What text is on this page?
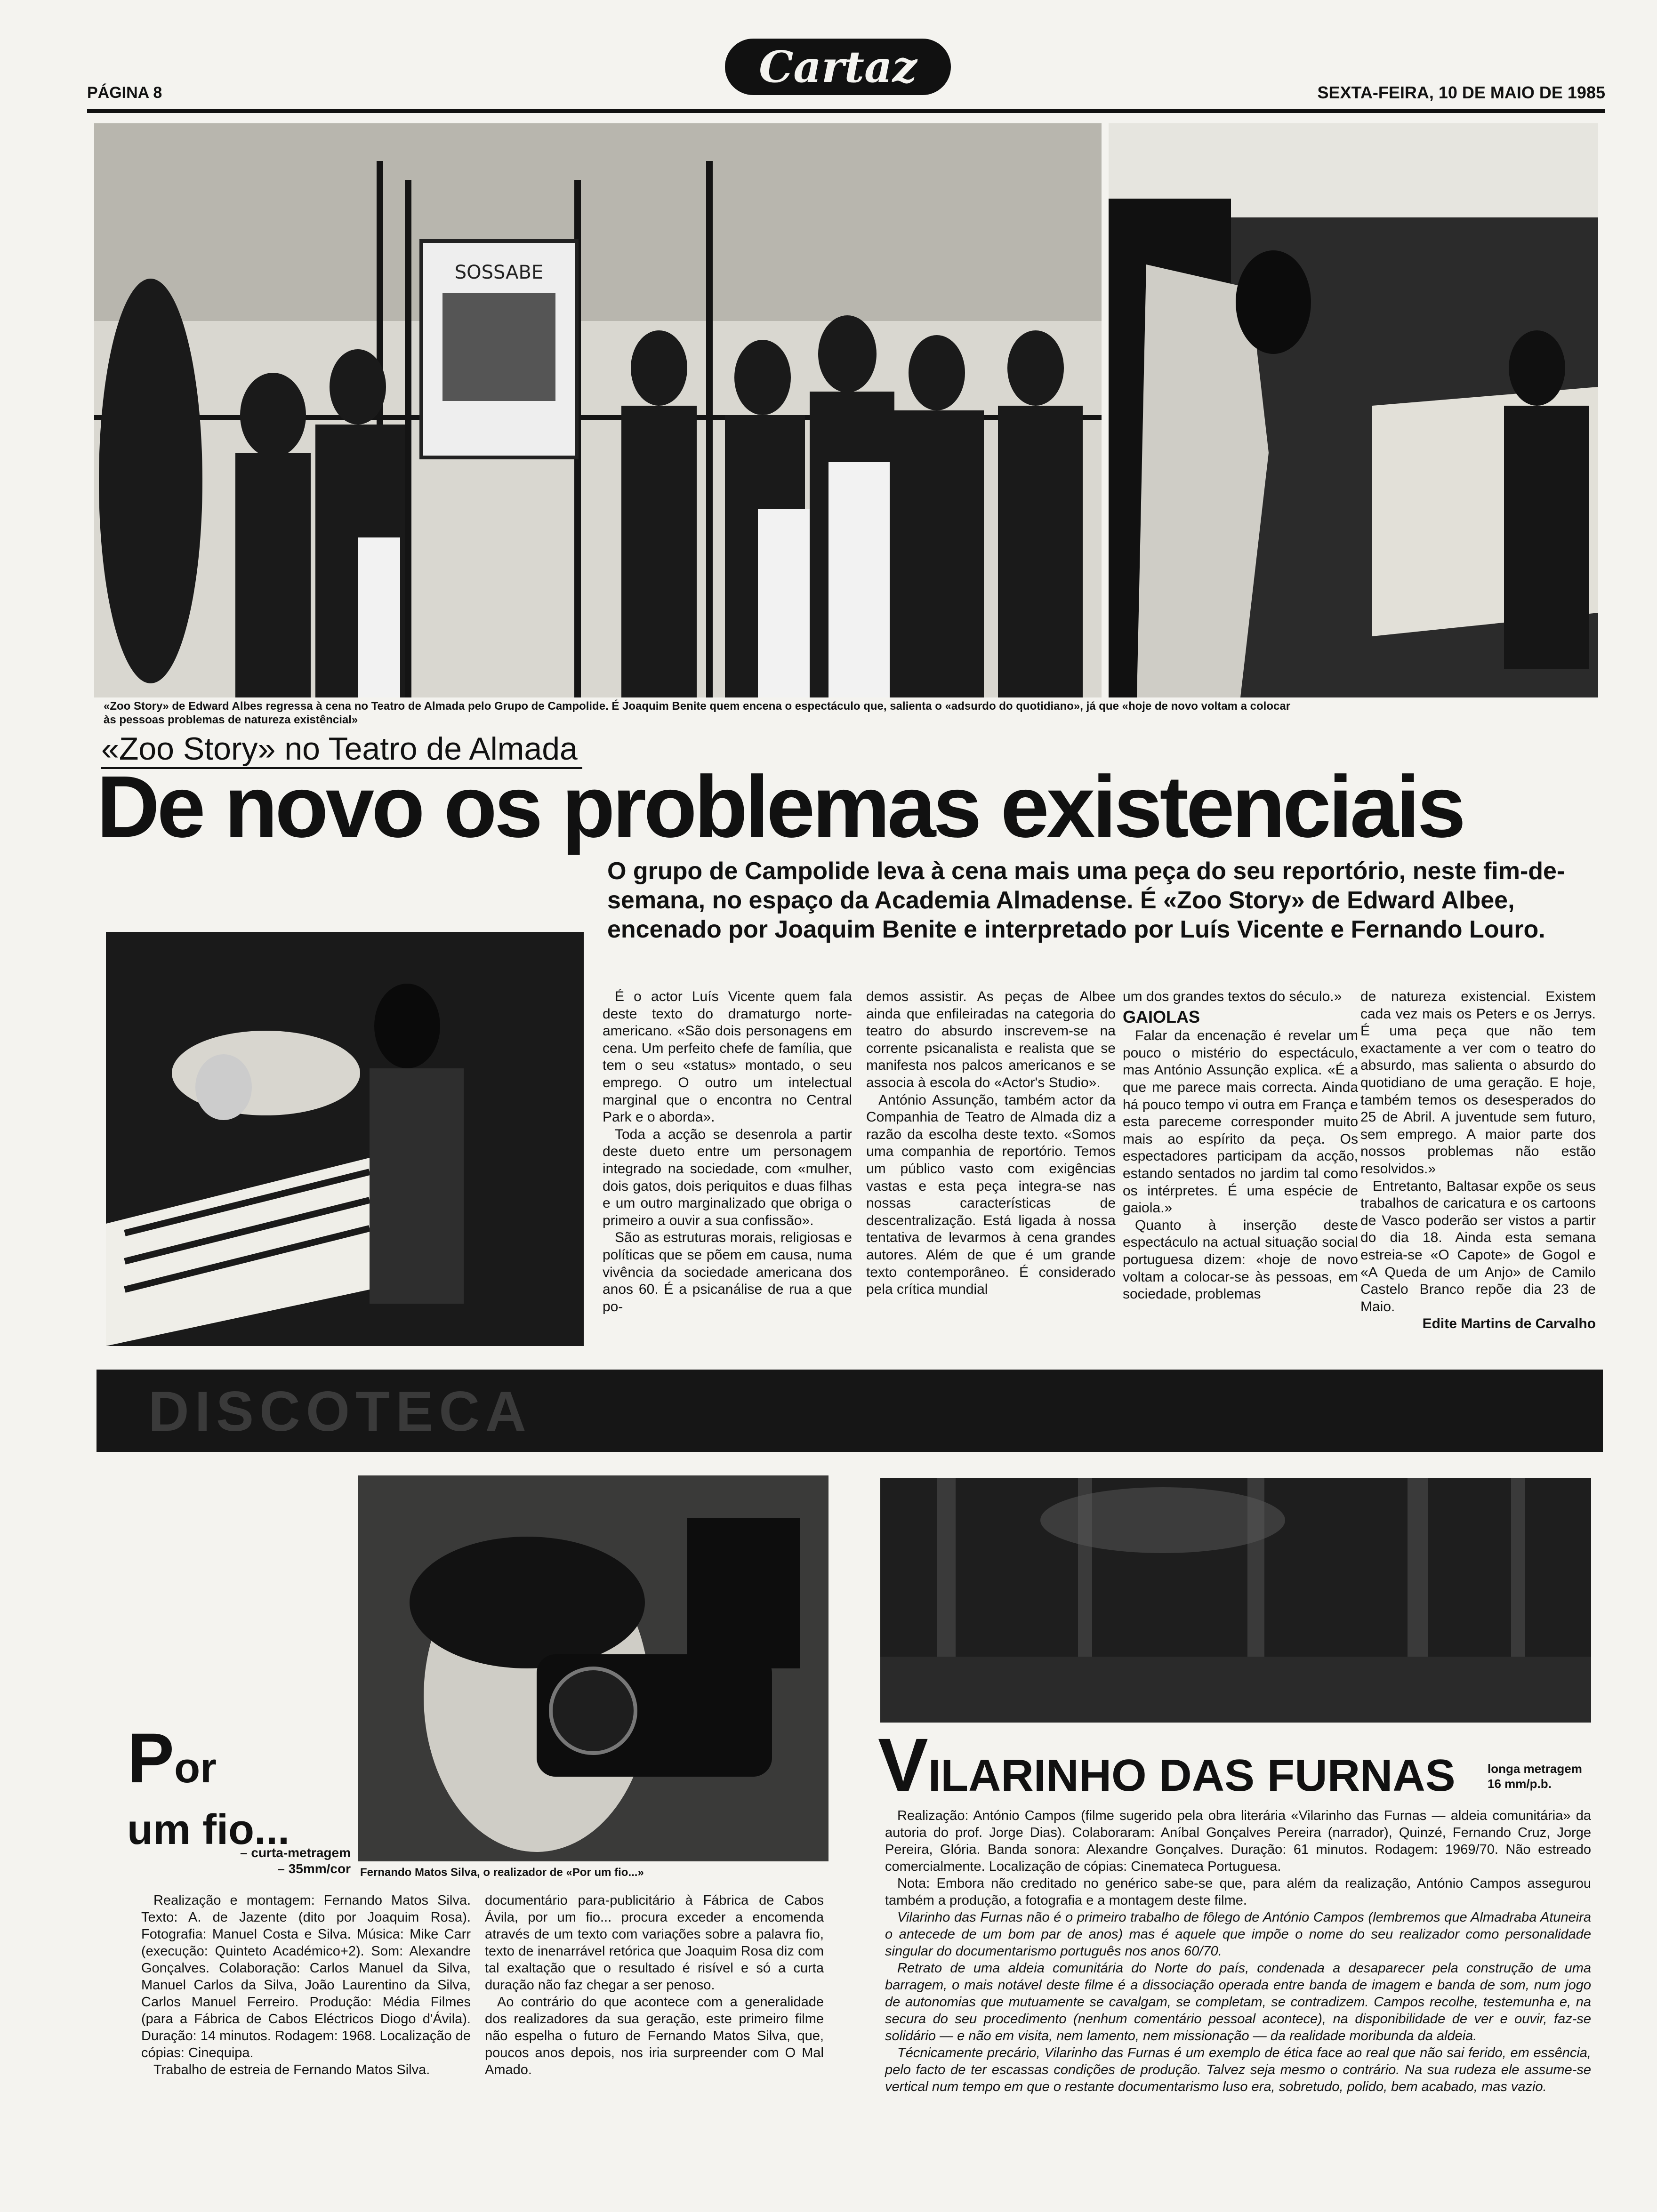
PÁGINA 8
Cartaz
SEXTA-FEIRA, 10 DE MAIO DE 1985
SOSSABE
«Zoo Story» de Edward Albes regressa à cena no Teatro de Almada pelo Grupo de Campolide. É Joaquim Benite quem encena o espectáculo que, salienta o «adsurdo do quotidiano», já que «hoje de novo voltam a colocar
às pessoas problemas de natureza existêncial»
«Zoo Story» no Teatro de Almada
De novo os problemas existenciais
O grupo de Campolide leva à cena mais uma peça do seu reportório, neste fim-de-semana, no espaço da Academia Almadense. É «Zoo Story» de Edward Albee, encenado por Joaquim Benite e interpretado por Luís Vicente e Fernando Louro.

É o actor Luís Vicente quem fala deste texto do dramaturgo norte-americano. «São dois personagens em cena. Um perfeito chefe de família, que tem o seu «status» montado, o seu emprego. O outro um intelectual marginal que o encontra no Central Park e o aborda».

Toda a acção se desenrola a partir deste dueto entre um personagem integrado na sociedade, com «mulher, dois gatos, dois periquitos e duas filhas e um outro marginalizado que obriga o primeiro a ouvir a sua confissão».

São as estruturas morais, religiosas e políticas que se põem em causa, numa vivência da sociedade americana dos anos 60. É a psicanálise de rua a que po-

demos assistir. As peças de Albee ainda que enfileiradas na categoria do teatro do absurdo inscrevem-se na corrente psicanalista e realista que se manifesta nos palcos americanos e se associa à escola do «Actor's Studio».

António Assunção, também actor da Companhia de Teatro de Almada diz a razão da escolha deste texto. «Somos uma companhia de reportório. Temos um público vasto com exigências vastas e esta peça integra-se nas nossas características de descentralização. Está ligada à nossa tentativa de levarmos à cena grandes autores. Além de que é um grande texto contemporâneo. É considerado pela crítica mundial

um dos grandes textos do século.»

GAIOLAS

Falar da encenação é revelar um pouco o mistério do espectáculo, mas António Assunção explica. «É a que me parece mais correcta. Ainda há pouco tempo vi outra em França e esta pareceme corresponder muito mais ao espírito da peça. Os espectadores participam da acção, estando sentados no jardim tal como os intérpretes. É uma espécie de gaiola.»

Quanto à inserção deste espectáculo na actual situação social portuguesa dizem: «hoje de novo voltam a colocar-se às pessoas, em sociedade, problemas

de natureza existencial. Existem cada vez mais os Peters e os Jerrys. É uma peça que não tem exactamente a ver com o teatro do absurdo, mas salienta o absurdo do quotidiano de uma geração. E hoje, também temos os desesperados do 25 de Abril. A juventude sem futuro, sem emprego. A maior parte dos nossos problemas não estão resolvidos.»

Entretanto, Baltasar expõe os seus trabalhos de caricatura e os cartoons de Vasco poderão ser vistos a partir do dia 18. Ainda esta semana estreia-se «O Capote» de Gogol e «A Queda de um Anjo» de Camilo Castelo Branco repõe dia 23 de Maio.

Edite Martins de Carvalho

DISCOTECA
Por
um fio...
– curta-metragem
– 35mm/cor Fernando Matos Silva, o realizador de «Por um fio...»

Realização e montagem: Fernando Matos Silva. Texto: A. de Jazente (dito por Joaquim Rosa). Fotografia: Manuel Costa e Silva. Música: Mike Carr (execução: Quinteto Académico+2). Som: Alexandre Gonçalves. Colaboração: Carlos Manuel da Silva, Manuel Carlos da Silva, João Laurentino da Silva, Carlos Manuel Ferreiro. Produção: Média Filmes (para a Fábrica de Cabos Eléctricos Diogo d'Ávila). Duração: 14 minutos. Rodagem: 1968. Localização de cópias: Cinequipa.

Trabalho de estreia de Fernando Matos Silva.

documentário para-publicitário à Fábrica de Cabos Ávila, por um fio... procura exceder a encomenda através de um texto com variações sobre a palavra fio, texto de inenarrável retórica que Joaquim Rosa diz com tal exaltação que o resultado é risível e só a curta duração não faz chegar a ser penoso.

Ao contrário do que acontece com a generalidade dos realizadores da sua geração, este primeiro filme não espelha o futuro de Fernando Matos Silva, que, poucos anos depois, nos iria surpreender com O Mal Amado.

VILARINHO DAS FURNAS	longa metragem
16 mm/p.b.

Realização: António Campos (filme sugerido pela obra literária «Vilarinho das Furnas — aldeia comunitária» da autoria do prof. Jorge Dias). Colaboraram: Aníbal Gonçalves Pereira (narrador), Quinzé, Fernando Cruz, Jorge Pereira, Glória. Banda sonora: Alexandre Gonçalves. Duração: 61 minutos. Rodagem: 1969/70. Não estreado comercialmente. Localização de cópias: Cinemateca Portuguesa.

Nota: Embora não creditado no genérico sabe-se que, para além da realização, António Campos assegurou também a produção, a fotografia e a montagem deste filme.

Vilarinho das Furnas não é o primeiro trabalho de fôlego de António Campos (lembremos que Almadraba Atuneira o antecede de um bom par de anos) mas é aquele que impõe o nome do seu realizador como personalidade singular do documentarismo português nos anos 60/70.

Retrato de uma aldeia comunitária do Norte do país, condenada a desaparecer pela construção de uma barragem, o mais notável deste filme é a dissociação operada entre banda de imagem e banda de som, num jogo de autonomias que mutuamente se cavalgam, se completam, se contradizem. Campos recolhe, testemunha e, na secura do seu procedimento (nenhum comentário pessoal acontece), na disponibilidade de ver e ouvir, faz-se solidário — e não em visita, nem lamento, nem missionação — da realidade moribunda da aldeia.

Técnicamente precário, Vilarinho das Furnas é um exemplo de ética face ao real que não sai ferido, em essência, pelo facto de ter escassas condições de produção. Talvez seja mesmo o contrário. Na sua rudeza ele assume-se vertical num tempo em que o restante documentarismo luso era, sobretudo, polido, bem acabado, mas vazio.
